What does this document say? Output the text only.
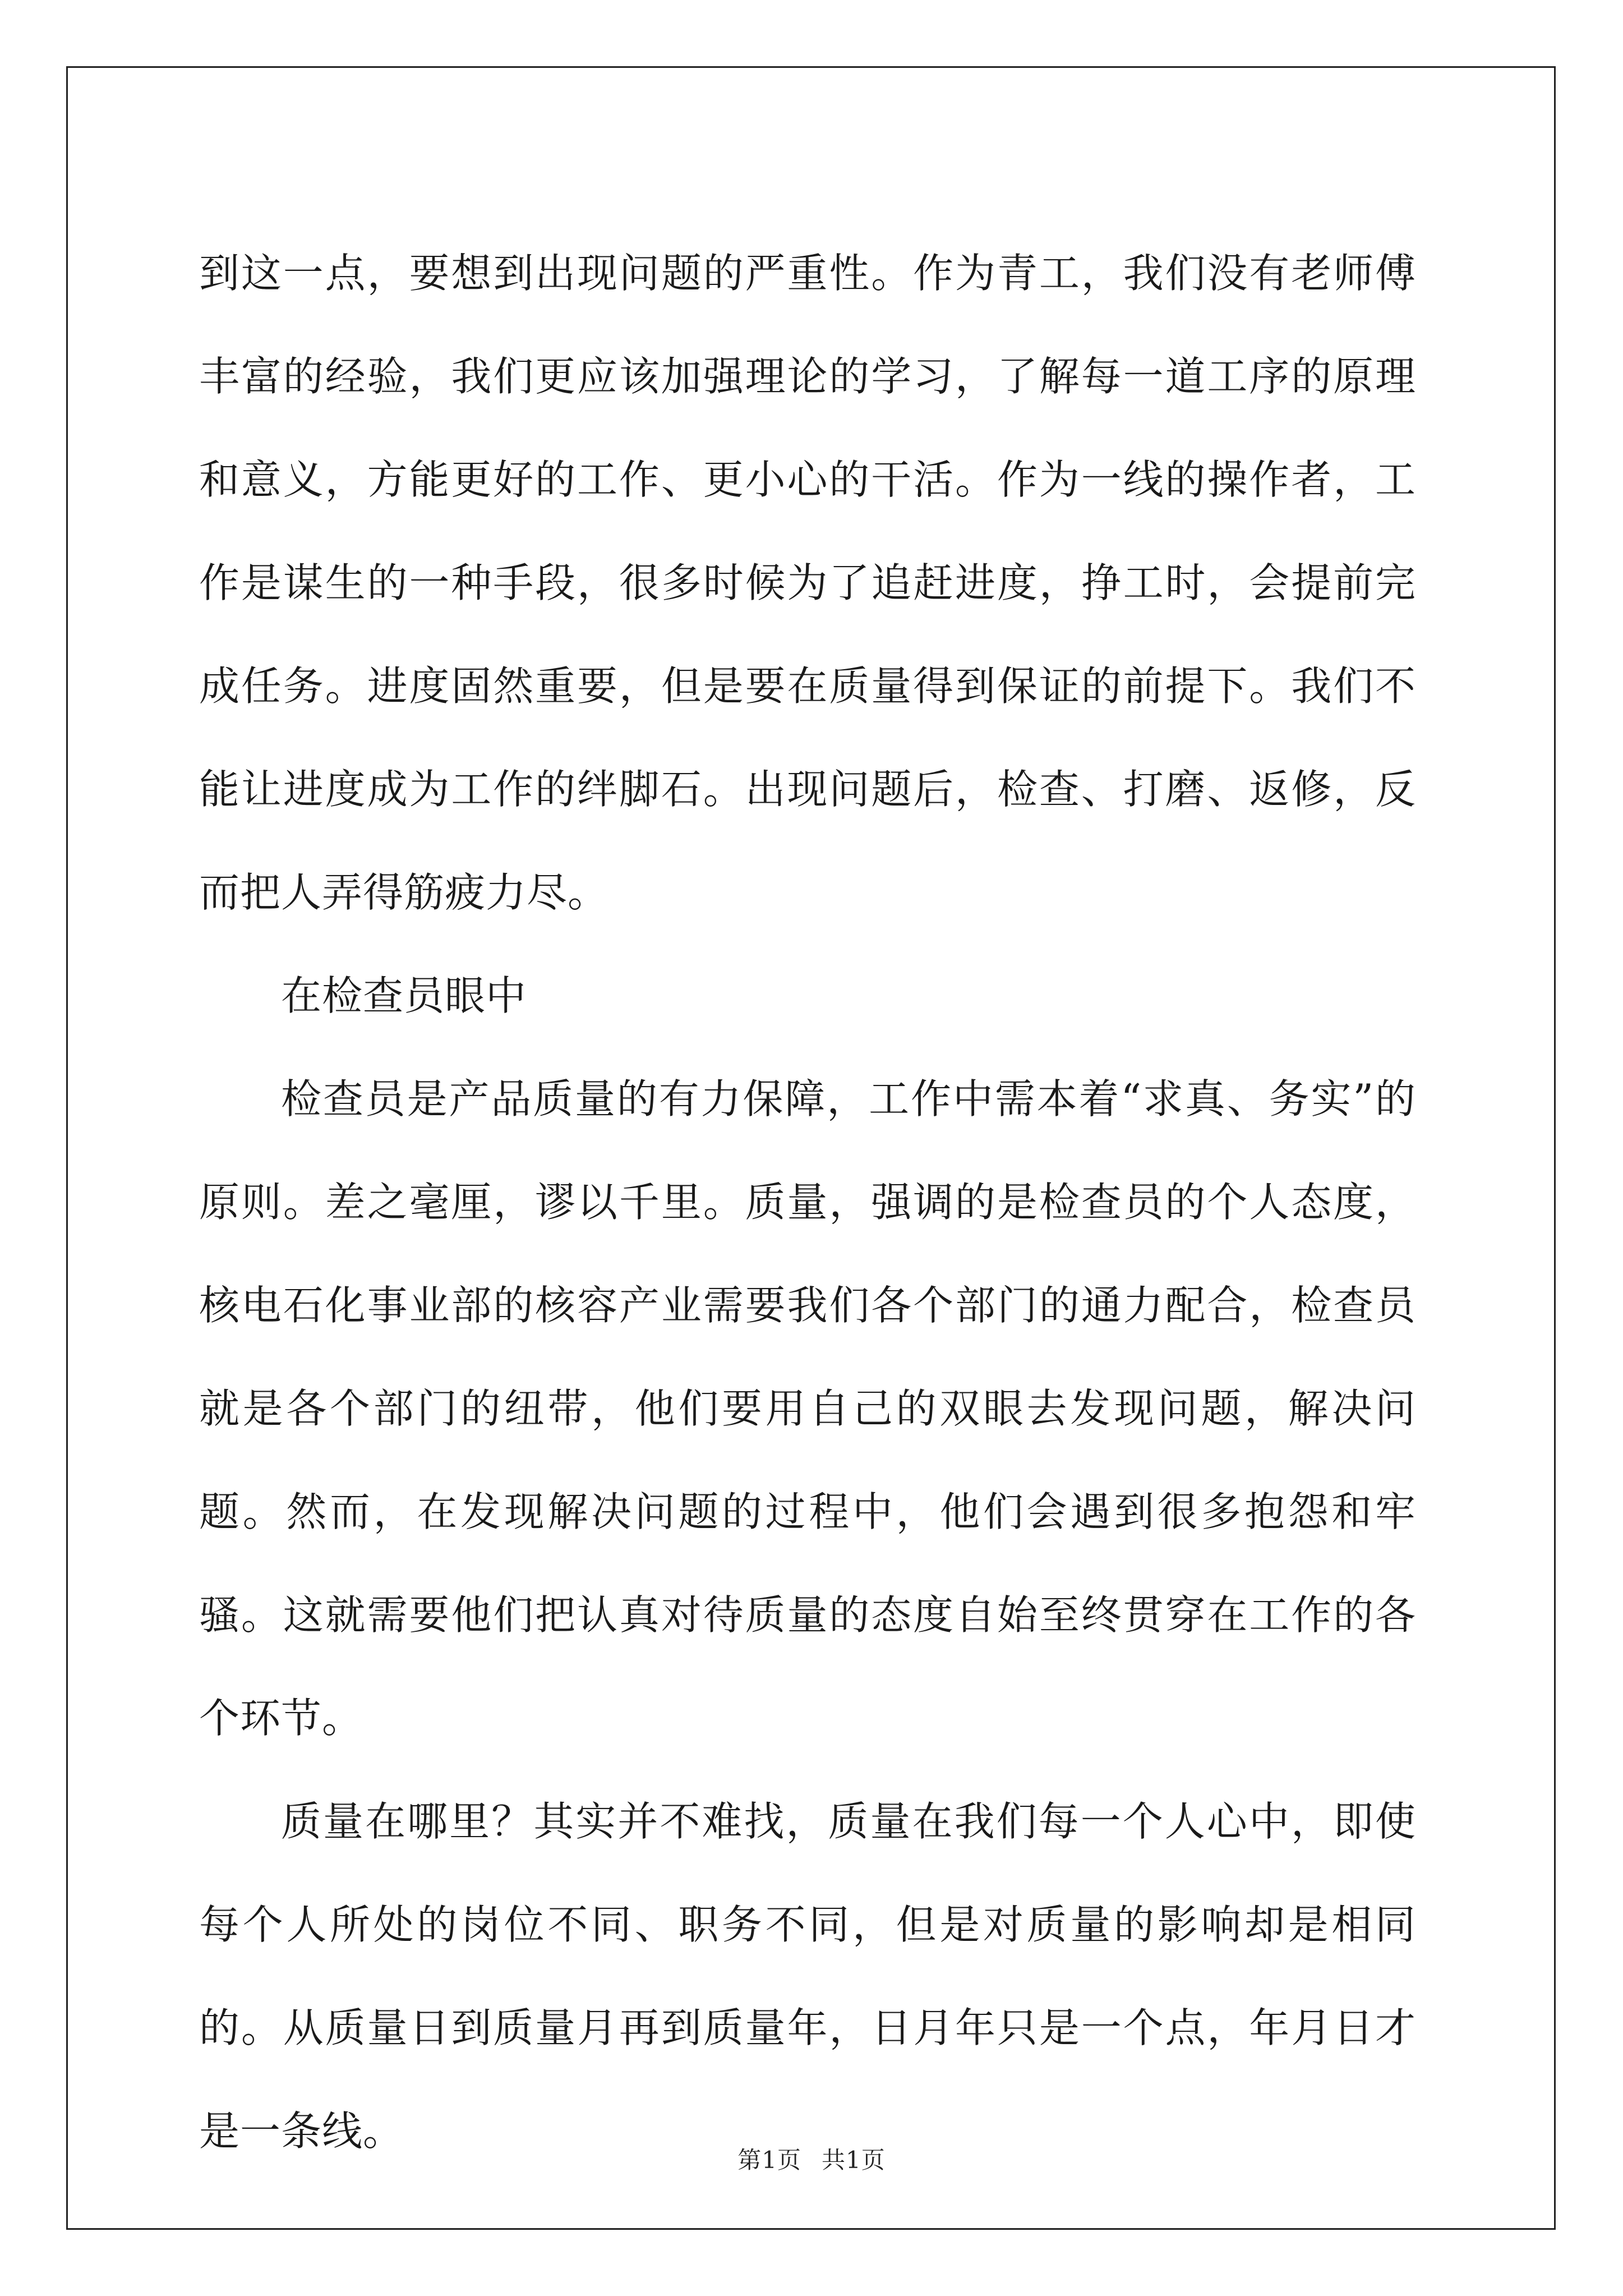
到这一点，要想到出现问题的严重性。作为青工，我们没有老师傅丰富的经验，我们更应该加强理论的学习，了解每一道工序的原理和意义，方能更好的工作、更小心的干活。作为一线的操作者，工作是谋生的一种手段，很多时候为了追赶进度，挣工时，会提前完成任务。进度固然重要，但是要在质量得到保证的前提下。我们不能让进度成为工作的绊脚石。出现问题后，检查、打磨、返修，反而把人弄得筋疲力尽。

在检查员眼中

检查员是产品质量的有力保障，工作中需本着“求真、务实”的原则。差之毫厘，谬以千里。质量，强调的是检查员的个人态度，核电石化事业部的核容产业需要我们各个部门的通力配合，检查员就是各个部门的纽带，他们要用自己的双眼去发现问题，解决问题。然而，在发现解决问题的过程中，他们会遇到很多抱怨和牢骚。这就需要他们把认真对待质量的态度自始至终贯穿在工作的各个环节。

质量在哪里？其实并不难找，质量在我们每一个人心中，即使每个人所处的岗位不同、职务不同，但是对质量的影响却是相同的。从质量日到质量月再到质量年，日月年只是一个点，年月日才是一条线。

第1页 共1页
